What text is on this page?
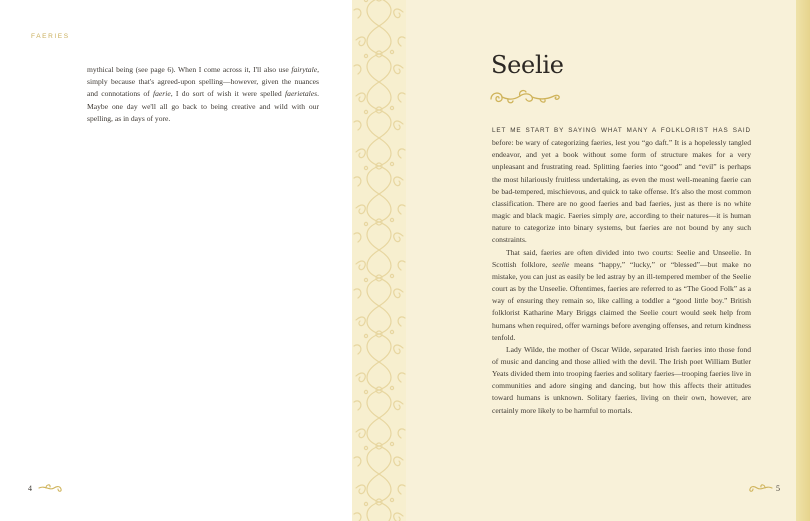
FAERIES

mythical being (see page 6). When I come across it, I'll also use fairytale, simply because that's agreed-upon spelling—however, given the nuances and connotations of faerie, I do sort of wish it were spelled faerietales. Maybe one day we'll all go back to being creative and wild with our spelling, as in days of yore.

Seelie

LET ME START BY SAYING WHAT MANY A FOLKLORIST HAS SAID before: be wary of categorizing faeries, lest you “go daft.” It is a hopelessly tangled endeavor, and yet a book without some form of structure makes for a very unpleasant and frustrating read. Splitting faeries into “good” and “evil” is perhaps the most hilariously fruitless undertaking, as even the most well-meaning faerie can be bad-tempered, mischievous, and quick to take offense. It's also the most common classification. There are no good faeries and bad faeries, just as there is no white magic and black magic. Faeries simply are, according to their natures—it is human nature to categorize into binary systems, but faeries are not bound by any such constraints.

That said, faeries are often divided into two courts: Seelie and Unseelie. In Scottish folklore, seelie means “happy,” “lucky,” or “blessed”—but make no mistake, you can just as easily be led astray by an ill-tempered member of the Seelie court as by the Unseelie. Oftentimes, faeries are referred to as “The Good Folk” as a way of ensuring they remain so, like calling a toddler a “good little boy.” British folklorist Katharine Mary Briggs claimed the Seelie court would seek help from humans when required, offer warnings before avenging offenses, and return kindness tenfold.

Lady Wilde, the mother of Oscar Wilde, separated Irish faeries into those fond of music and dancing and those allied with the devil. The Irish poet William Butler Yeats divided them into trooping faeries and solitary faeries—trooping faeries live in communities and adore singing and dancing, but how this affects their attitudes toward humans is unknown. Solitary faeries, living on their own, however, are certainly more likely to be harmful to mortals.

4	5
